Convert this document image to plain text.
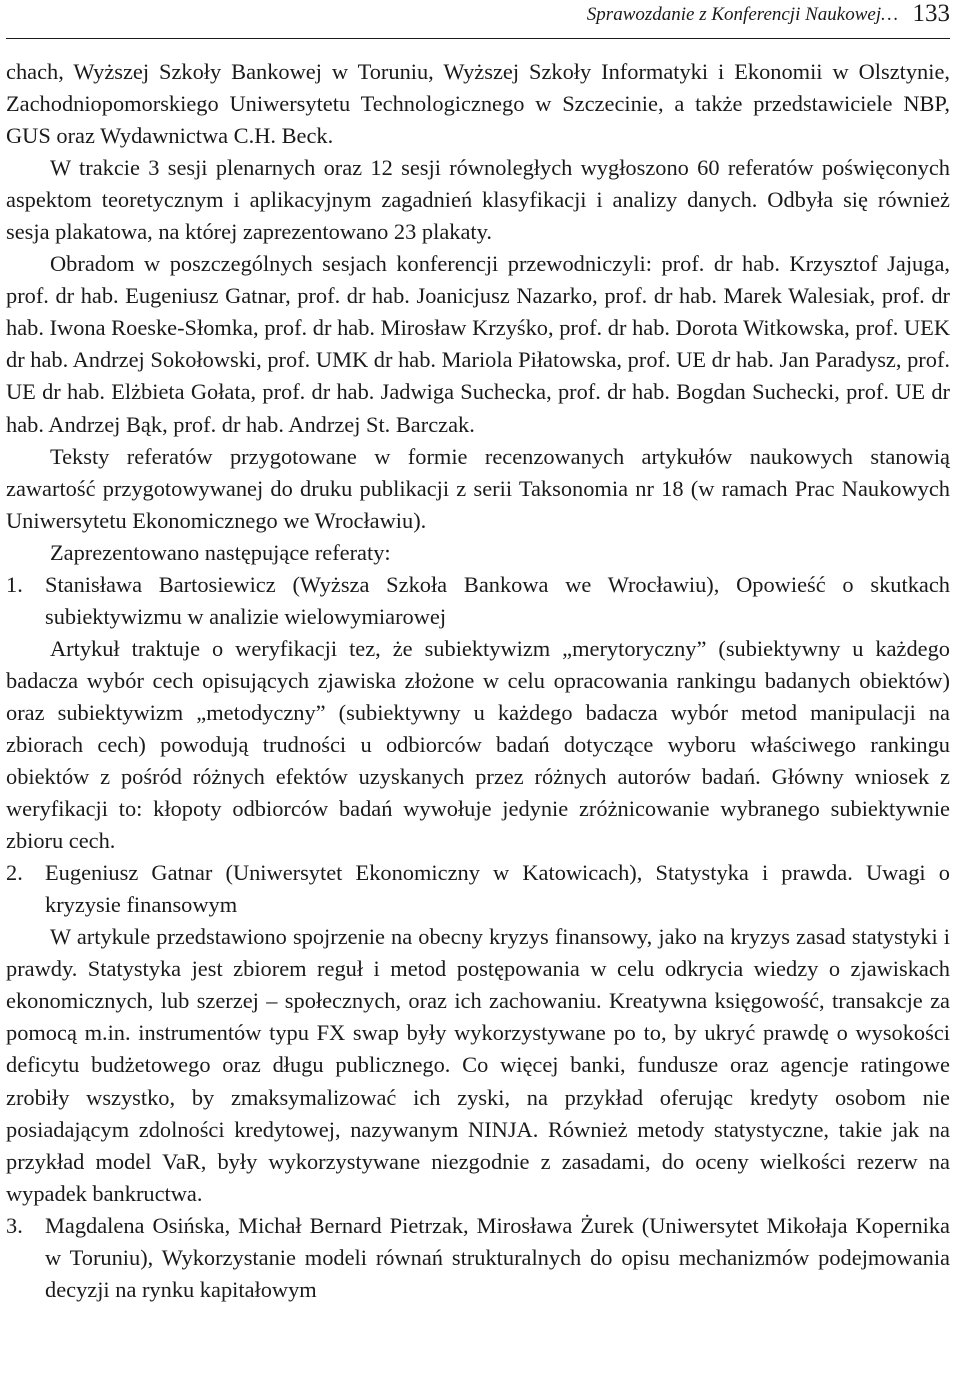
Sprawozdanie z Konferencji Naukowej… 133

chach, Wyższej Szkoły Bankowej w Toruniu, Wyższej Szkoły Informatyki i Ekonomii w Olsztynie, Zachodniopomorskiego Uniwersytetu Technologicznego w Szczecinie, a także przedstawiciele NBP, GUS oraz Wydawnictwa C.H. Beck.

W trakcie 3 sesji plenarnych oraz 12 sesji równoległych wygłoszono 60 referatów poświęconych aspektom teoretycznym i aplikacyjnym zagadnień klasyfikacji i analizy danych. Odbyła się również sesja plakatowa, na której zaprezentowano 23 plakaty.

Obradom w poszczególnych sesjach konferencji przewodniczyli: prof. dr hab. Krzysztof Jajuga, prof. dr hab. Eugeniusz Gatnar, prof. dr hab. Joanicjusz Nazarko, prof. dr hab. Marek Walesiak, prof. dr hab. Iwona Roeske-Słomka, prof. dr hab. Mirosław Krzyśko, prof. dr hab. Dorota Witkowska, prof. UEK dr hab. Andrzej Sokołowski, prof. UMK dr hab. Mariola Piłatowska, prof. UE dr hab. Jan Paradysz, prof. UE dr hab. Elżbieta Gołata, prof. dr hab. Jadwiga Suchecka, prof. dr hab. Bogdan Suchecki, prof. UE dr hab. Andrzej Bąk, prof. dr hab. Andrzej St. Barczak.

Teksty referatów przygotowane w formie recenzowanych artykułów naukowych stanowią zawartość przygotowywanej do druku publikacji z serii Taksonomia nr 18 (w ramach Prac Naukowych Uniwersytetu Ekonomicznego we Wrocławiu).

Zaprezentowano następujące referaty:

1. Stanisława Bartosiewicz (Wyższa Szkoła Bankowa we Wrocławiu), Opowieść o skutkach subiektywizmu w analizie wielowymiarowej

Artykuł traktuje o weryfikacji tez, że subiektywizm „merytoryczny” (subiektywny u każdego badacza wybór cech opisujących zjawiska złożone w celu opracowania rankingu badanych obiektów) oraz subiektywizm „metodyczny” (subiektywny u każdego badacza wybór metod manipulacji na zbiorach cech) powodują trudności u odbiorców badań dotyczące wyboru właściwego rankingu obiektów z pośród różnych efektów uzyskanych przez różnych autorów badań. Główny wniosek z weryfikacji to: kłopoty odbiorców badań wywołuje jedynie zróżnicowanie wybranego subiektywnie zbioru cech.

2. Eugeniusz Gatnar (Uniwersytet Ekonomiczny w Katowicach), Statystyka i prawda. Uwagi o kryzysie finansowym

W artykule przedstawiono spojrzenie na obecny kryzys finansowy, jako na kryzys zasad statystyki i prawdy. Statystyka jest zbiorem reguł i metod postępowania w celu odkrycia wiedzy o zjawiskach ekonomicznych, lub szerzej – społecznych, oraz ich zachowaniu. Kreatywna księgowość, transakcje za pomocą m.in. instrumentów typu FX swap były wykorzystywane po to, by ukryć prawdę o wysokości deficytu budżetowego oraz długu publicznego. Co więcej banki, fundusze oraz agencje ratingowe zrobiły wszystko, by zmaksymalizować ich zyski, na przykład oferując kredyty osobom nie posiadającym zdolności kredytowej, nazywanym NINJA. Również metody statystyczne, takie jak na przykład model VaR, były wykorzystywane niezgodnie z zasadami, do oceny wielkości rezerw na wypadek bankructwa.

3. Magdalena Osińska, Michał Bernard Pietrzak, Mirosława Żurek (Uniwersytet Mikołaja Kopernika w Toruniu), Wykorzystanie modeli równań strukturalnych do opisu mechanizmów podejmowania decyzji na rynku kapitałowym
